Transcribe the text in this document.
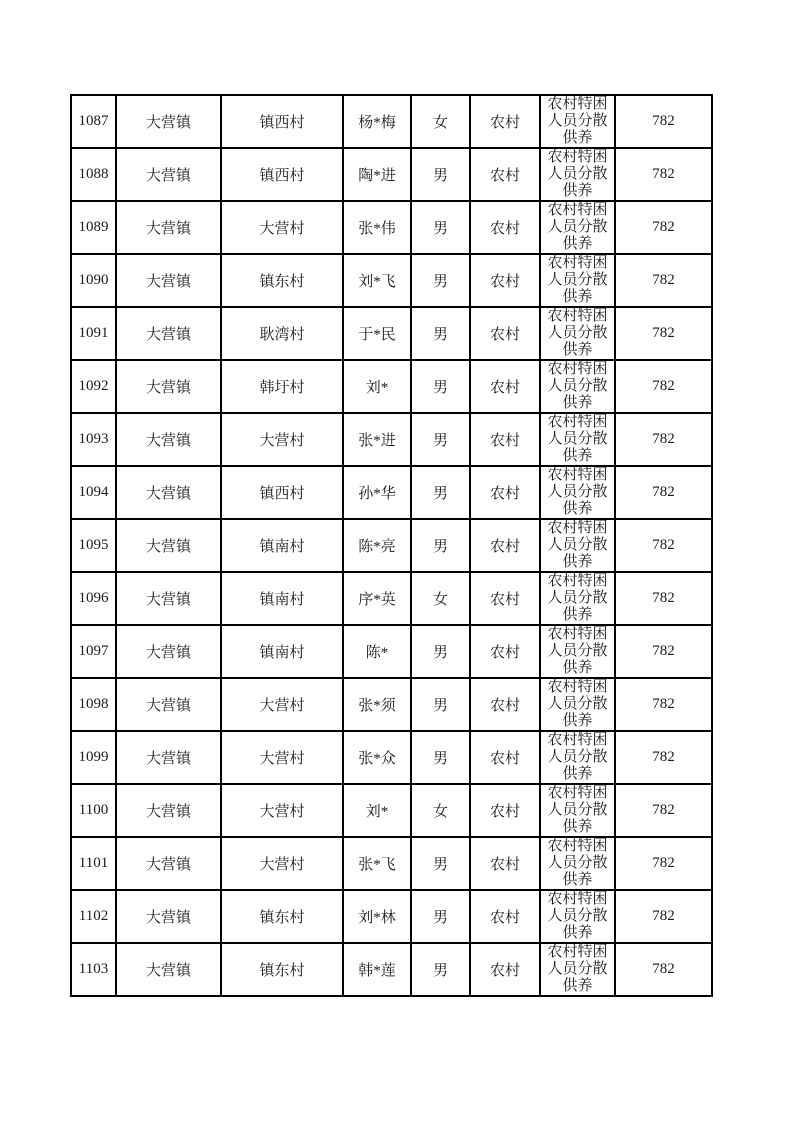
1087	大营镇	镇西村	杨*梅	女	农村	农村特困人员分散供养	782
1088	大营镇	镇西村	陶*进	男	农村	农村特困人员分散供养	782
1089	大营镇	大营村	张*伟	男	农村	农村特困人员分散供养	782
1090	大营镇	镇东村	刘*飞	男	农村	农村特困人员分散供养	782
1091	大营镇	耿湾村	于*民	男	农村	农村特困人员分散供养	782
1092	大营镇	韩圩村	刘*	男	农村	农村特困人员分散供养	782
1093	大营镇	大营村	张*进	男	农村	农村特困人员分散供养	782
1094	大营镇	镇西村	孙*华	男	农村	农村特困人员分散供养	782
1095	大营镇	镇南村	陈*亮	男	农村	农村特困人员分散供养	782
1096	大营镇	镇南村	序*英	女	农村	农村特困人员分散供养	782
1097	大营镇	镇南村	陈*	男	农村	农村特困人员分散供养	782
1098	大营镇	大营村	张*须	男	农村	农村特困人员分散供养	782
1099	大营镇	大营村	张*众	男	农村	农村特困人员分散供养	782
1100	大营镇	大营村	刘*	女	农村	农村特困人员分散供养	782
1101	大营镇	大营村	张*飞	男	农村	农村特困人员分散供养	782
1102	大营镇	镇东村	刘*林	男	农村	农村特困人员分散供养	782
1103	大营镇	镇东村	韩*莲	男	农村	农村特困人员分散供养	782
